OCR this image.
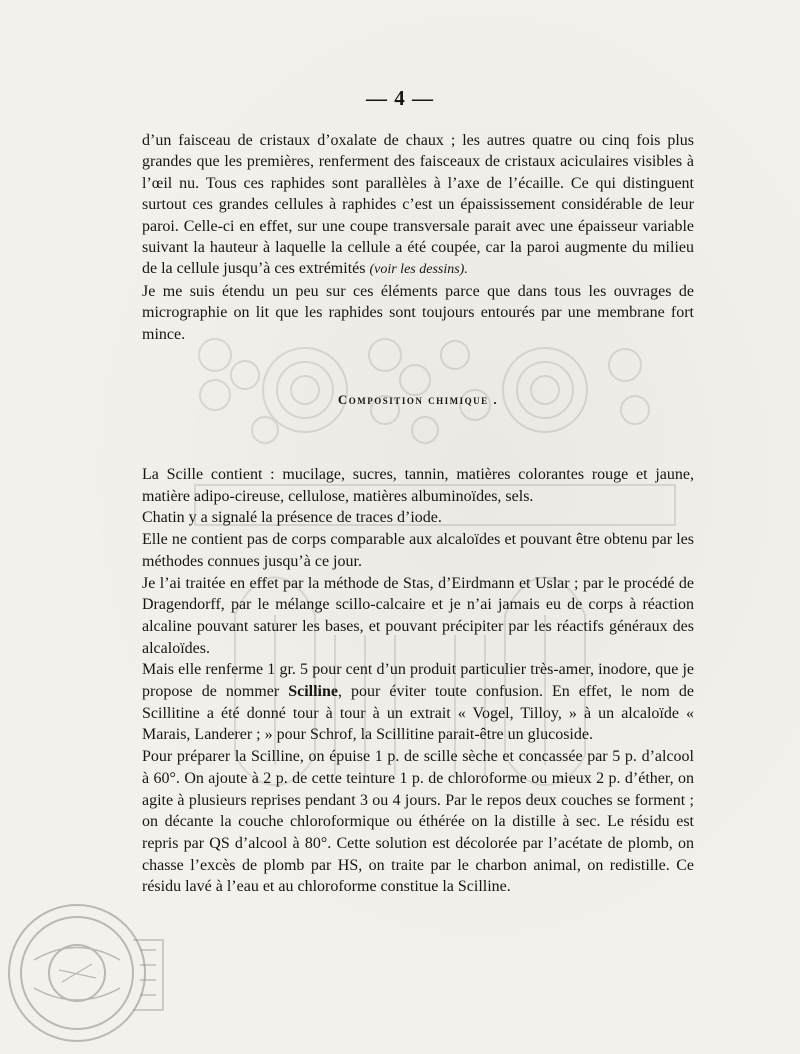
— 4 —

d’un faisceau de cristaux d’oxalate de chaux ; les autres quatre ou cinq fois plus grandes que les premières, renferment des faisceaux de cristaux aciculaires visibles à l’œil nu. Tous ces raphides sont parallèles à l’axe de l’écaille. Ce qui distinguent surtout ces grandes cellules à raphides c’est un épaississement considérable de leur paroi. Celle-ci en effet, sur une coupe transversale parait avec une épaisseur variable suivant la hauteur à laquelle la cellule a été coupée, car la paroi augmente du milieu de la cellule jusqu’à ces extrémités (voir les dessins).

Je me suis étendu un peu sur ces éléments parce que dans tous les ouvrages de micrographie on lit que les raphides sont toujours entourés par une membrane fort mince.

Composition chimique .

La Scille contient : mucilage, sucres, tannin, matières colorantes rouge et jaune, matière adipo-cireuse, cellulose, matières albuminoïdes, sels.

Chatin y a signalé la présence de traces d’iode.

Elle ne contient pas de corps comparable aux alcaloïdes et pouvant être obtenu par les méthodes connues jusqu’à ce jour.

Je l’ai traitée en effet par la méthode de Stas, d’Eirdmann et Uslar ; par le procédé de Dragendorff, par le mélange scillo-calcaire et je n’ai jamais eu de corps à réaction alcaline pouvant saturer les bases, et pouvant précipiter par les réactifs généraux des alcaloïdes.

Mais elle renferme 1 gr. 5 pour cent d’un produit particulier très-amer, inodore, que je propose de nommer Scilline, pour éviter toute confusion. En effet, le nom de Scillitine a été donné tour à tour à un extrait « Vogel, Tilloy, » à un alcaloïde « Marais, Landerer ; » pour Schrof, la Scillitine parait-être un glucoside.

Pour préparer la Scilline, on épuise 1 p. de scille sèche et concassée par 5 p. d’alcool à 60°. On ajoute à 2 p. de cette teinture 1 p. de chloroforme ou mieux 2 p. d’éther, on agite à plusieurs reprises pendant 3 ou 4 jours. Par le repos deux couches se forment ; on décante la couche chloroformique ou éthérée on la distille à sec. Le résidu est repris par QS d’alcool à 80°. Cette solution est décolorée par l’acétate de plomb, on chasse l’excès de plomb par HS, on traite par le charbon animal, on redistille. Ce résidu lavé à l’eau et au chloroforme constitue la Scilline.
